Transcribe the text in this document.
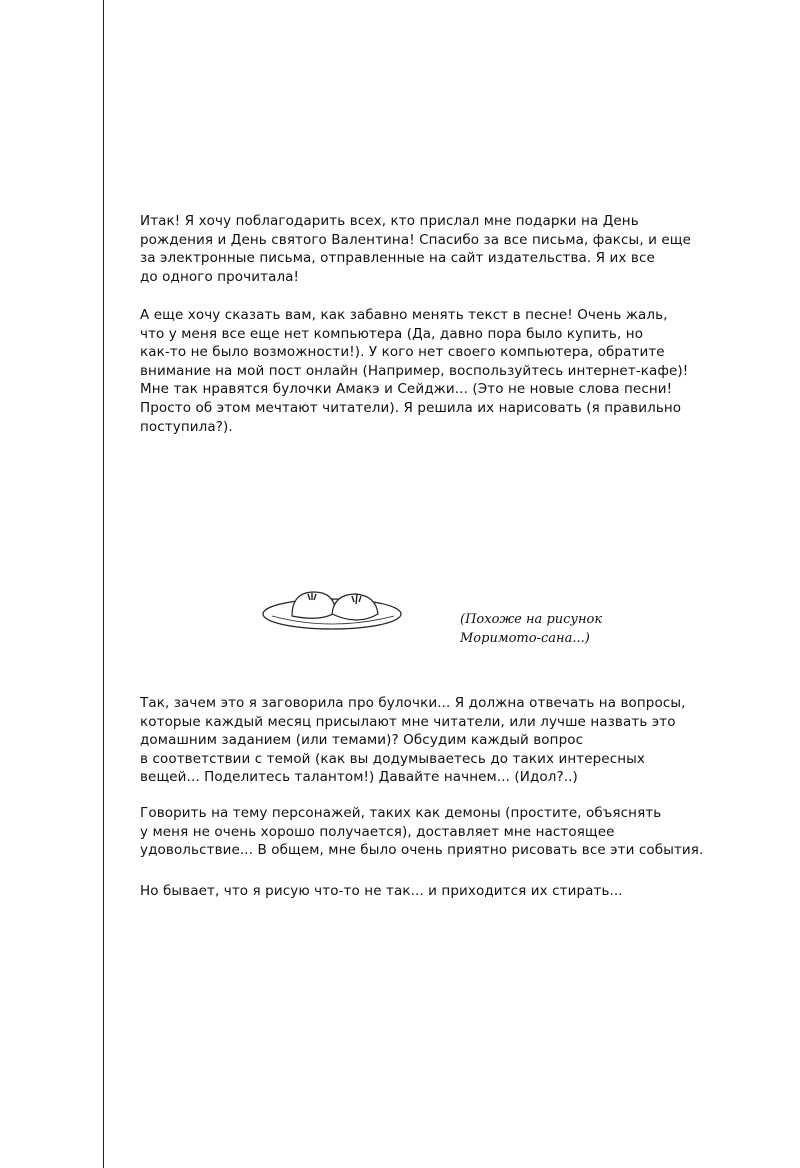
Итак! Я хочу поблагодарить всех, кто прислал мне подарки на День
рождения и День святого Валентина! Спасибо за все письма, факсы, и еще
за электронные письма, отправленные на сайт издательства. Я их все
до одного прочитала!

А еще хочу сказать вам, как забавно менять текст в песне! Очень жаль,
что у меня все еще нет компьютера (Да, давно пора было купить, но
как-то не было возможности!). У кого нет своего компьютера, обратите
внимание на мой пост онлайн (Например, воспользуйтесь интернет-кафе)!
Мне так нравятся булочки Амакэ и Сейджи... (Это не новые слова песни!
Просто об этом мечтают читатели). Я решила их нарисовать (я правильно
поступила?).

(Похоже на рисунок
Моримото-сана...)

Так, зачем это я заговорила про булочки... Я должна отвечать на вопросы,
которые каждый месяц присылают мне читатели, или лучше назвать это
домашним заданием (или темами)? Обсудим каждый вопрос
в соответствии с темой (как вы додумываетесь до таких интересных
вещей... Поделитесь талантом!) Давайте начнем... (Идол?..)

Говорить на тему персонажей, таких как демоны (простите, объяснять
у меня не очень хорошо получается), доставляет мне настоящее
удовольствие... В общем, мне было очень приятно рисовать все эти события.

Но бывает, что я рисую что-то не так... и приходится их стирать...
